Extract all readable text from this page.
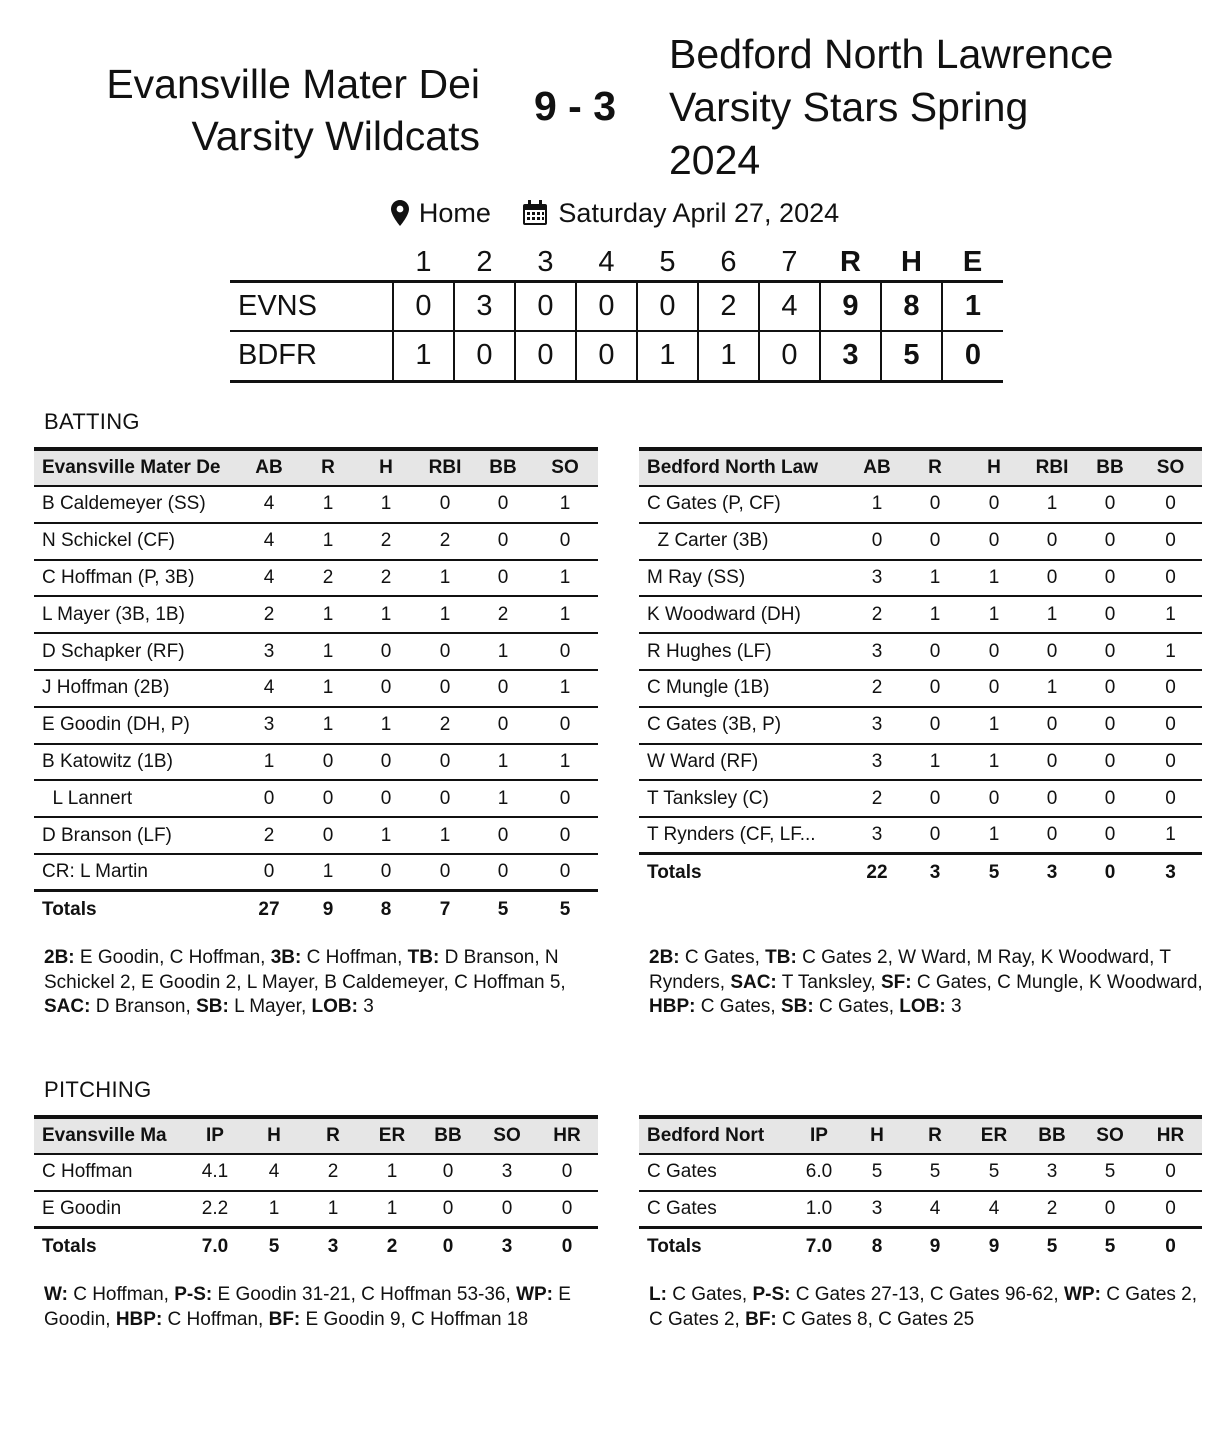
Evansville Mater Dei
Varsity Wildcats
9 - 3
Bedford North Lawrence
Varsity Stars Spring
2024
Home
	Saturday April 27, 2024
	1	2	3	4	5	6	7	R	H	E
EVNS	0	3	0	0	0	2	4	9	8	1
BDFR	1	0	0	0	1	1	0	3	5	0
BATTING
Evansville Mater De	AB	R	H	RBI	BB	SO
B Caldemeyer (SS)	4	1	1	0	0	1
N Schickel (CF)	4	1	2	2	0	0
C Hoffman (P, 3B)	4	2	2	1	0	1
L Mayer (3B, 1B)	2	1	1	1	2	1
D Schapker (RF)	3	1	0	0	1	0
J Hoffman (2B)	4	1	0	0	0	1
E Goodin (DH, P)	3	1	1	2	0	0
B Katowitz (1B)	1	0	0	0	1	1
L Lannert	0	0	0	0	1	0
D Branson (LF)	2	0	1	1	0	0
CR: L Martin	0	1	0	0	0	0
Totals	27	9	8	7	5	5
Bedford North Law	AB	R	H	RBI	BB	SO
C Gates (P, CF)	1	0	0	1	0	0
Z Carter (3B)	0	0	0	0	0	0
M Ray (SS)	3	1	1	0	0	0
K Woodward (DH)	2	1	1	1	0	1
R Hughes (LF)	3	0	0	0	0	1
C Mungle (1B)	2	0	0	1	0	0
C Gates (3B, P)	3	0	1	0	0	0
W Ward (RF)	3	1	1	0	0	0
T Tanksley (C)	2	0	0	0	0	0
T Rynders (CF, LF...	3	0	1	0	0	1
Totals	22	3	5	3	0	3
2B: E Goodin, C Hoffman, 3B: C Hoffman, TB: D Branson, N Schickel 2, E Goodin 2, L Mayer, B Caldemeyer, C Hoffman 5, SAC: D Branson, SB: L Mayer, LOB: 3
2B: C Gates, TB: C Gates 2, W Ward, M Ray, K Woodward, T Rynders, SAC: T Tanksley, SF: C Gates, C Mungle, K Woodward, HBP: C Gates, SB: C Gates, LOB: 3
PITCHING
Evansville Ma	IP	H	R	ER	BB	SO	HR
C Hoffman	4.1	4	2	1	0	3	0
E Goodin	2.2	1	1	1	0	0	0
Totals	7.0	5	3	2	0	3	0
Bedford Nort	IP	H	R	ER	BB	SO	HR
C Gates	6.0	5	5	5	3	5	0
C Gates	1.0	3	4	4	2	0	0
Totals	7.0	8	9	9	5	5	0
W: C Hoffman, P-S: E Goodin 31-21, C Hoffman 53-36, WP: E Goodin, HBP: C Hoffman, BF: E Goodin 9, C Hoffman 18
L: C Gates, P-S: C Gates 27-13, C Gates 96-62, WP: C Gates 2, C Gates 2, BF: C Gates 8, C Gates 25
